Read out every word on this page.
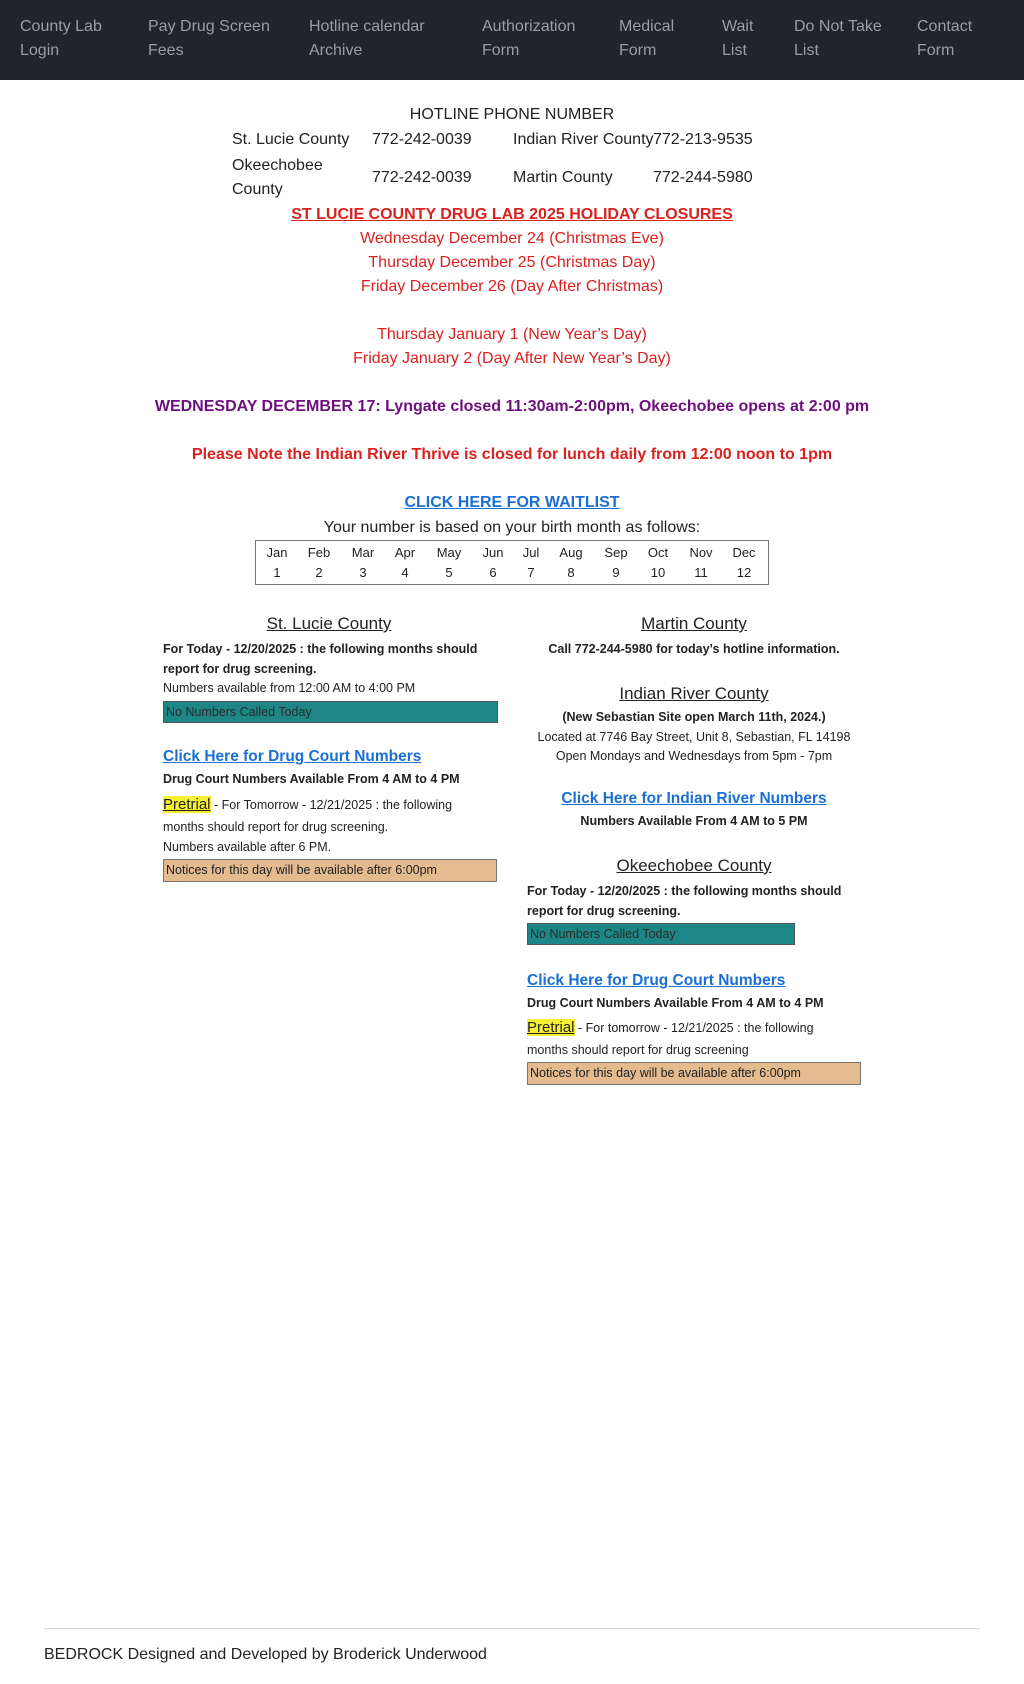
County Lab
Login
Pay Drug Screen
Fees
Hotline calendar
Archive
Authorization
Form
Medical
Form
Wait
List
Do Not Take
List
Contact
Form
HOTLINE PHONE NUMBER
St. Lucie County 772-242-0039	Indian River County 772-213-9535
Okeechobee
County
772-242-0039	Martin County	772-244-5980
ST LUCIE COUNTY DRUG LAB 2025 HOLIDAY CLOSURES
Wednesday December 24 (Christmas Eve)
Thursday December 25 (Christmas Day)
Friday December 26 (Day After Christmas)
Thursday January 1 (New Year’s Day)
Friday January 2 (Day After New Year’s Day)
WEDNESDAY DECEMBER 17: Lyngate closed 11:30am-2:00pm, Okeechobee opens at 2:00 pm
Please Note the Indian River Thrive is closed for lunch daily from 12:00 noon to 1pm
CLICK HERE FOR WAITLIST
Your number is based on your birth month as follows:
Jan
1
Feb
2
Mar
3
Apr
4
May
5
Jun
6
Jul
7
Aug
8
Sep
9
Oct
10
Nov
11
Dec
12
St. Lucie County
For Today - 12/20/2025 : the following months should
report for drug screening.
Numbers available from 12:00 AM to 4:00 PM
No Numbers Called Today
Click Here for Drug Court Numbers
Drug Court Numbers Available From 4 AM to 4 PM
Pretrial - For Tomorrow - 12/21/2025 : the following
months should report for drug screening.
Numbers available after 6 PM.
Notices for this day will be available after 6:00pm
Martin County
Call 772-244-5980 for today’s hotline information.
Indian River County
(New Sebastian Site open March 11th, 2024.)
Located at 7746 Bay Street, Unit 8, Sebastian, FL 14198
Open Mondays and Wednesdays from 5pm - 7pm
Click Here for Indian River Numbers
Numbers Available From 4 AM to 5 PM
Okeechobee County
For Today - 12/20/2025 : the following months should
report for drug screening.
No Numbers Called Today
Click Here for Drug Court Numbers
Drug Court Numbers Available From 4 AM to 4 PM
Pretrial - For tomorrow - 12/21/2025 : the following
months should report for drug screening
Notices for this day will be available after 6:00pm
BEDROCK Designed and Developed by Broderick Underwood
